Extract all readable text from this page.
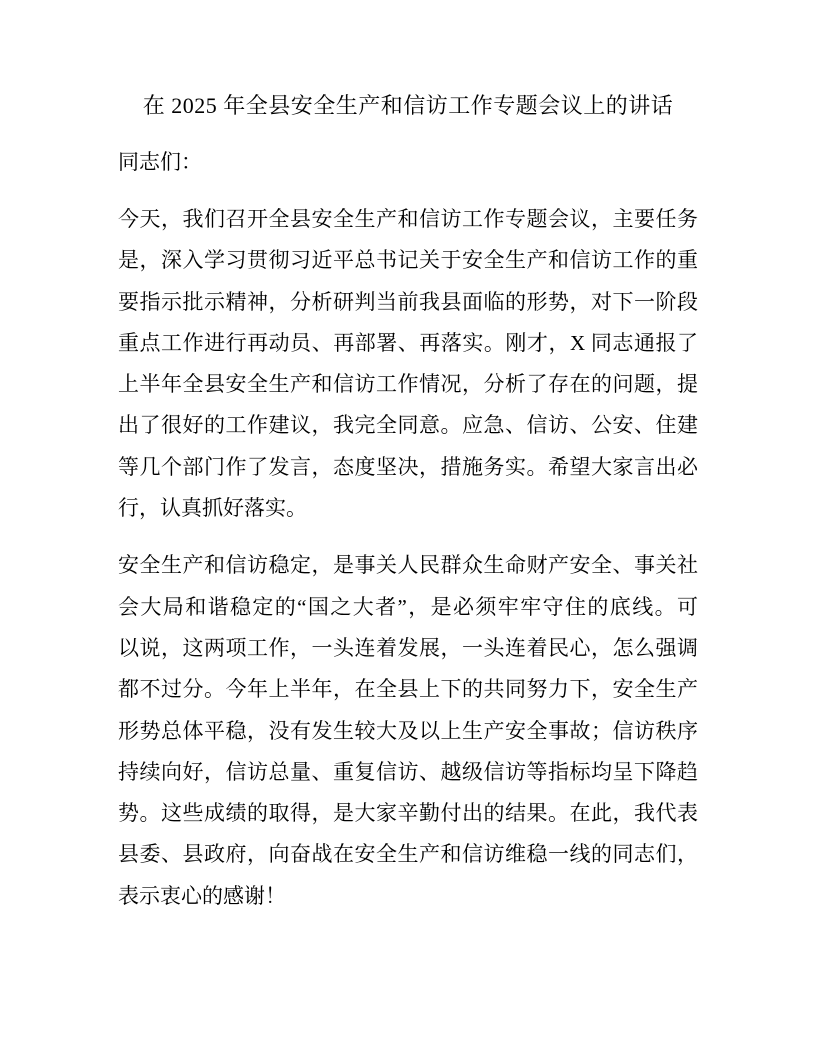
在 2025 年全县安全生产和信访工作专题会议上的讲话
同志们：
今天，我们召开全县安全生产和信访工作专题会议，主要任务
是，深入学习贯彻习近平总书记关于安全生产和信访工作的重
要指示批示精神，分析研判当前我县面临的形势，对下一阶段
重点工作进行再动员、再部署、再落实。刚才，X 同志通报了
上半年全县安全生产和信访工作情况，分析了存在的问题，提
出了很好的工作建议，我完全同意。应急、信访、公安、住建
等几个部门作了发言，态度坚决，措施务实。希望大家言出必
行，认真抓好落实。
安全生产和信访稳定，是事关人民群众生命财产安全、事关社
会大局和谐稳定的“国之大者”，是必须牢牢守住的底线。可
以说，这两项工作，一头连着发展，一头连着民心，怎么强调
都不过分。今年上半年，在全县上下的共同努力下，安全生产
形势总体平稳，没有发生较大及以上生产安全事故；信访秩序
持续向好，信访总量、重复信访、越级信访等指标均呈下降趋
势。这些成绩的取得，是大家辛勤付出的结果。在此，我代表
县委、县政府，向奋战在安全生产和信访维稳一线的同志们，
表示衷心的感谢！
